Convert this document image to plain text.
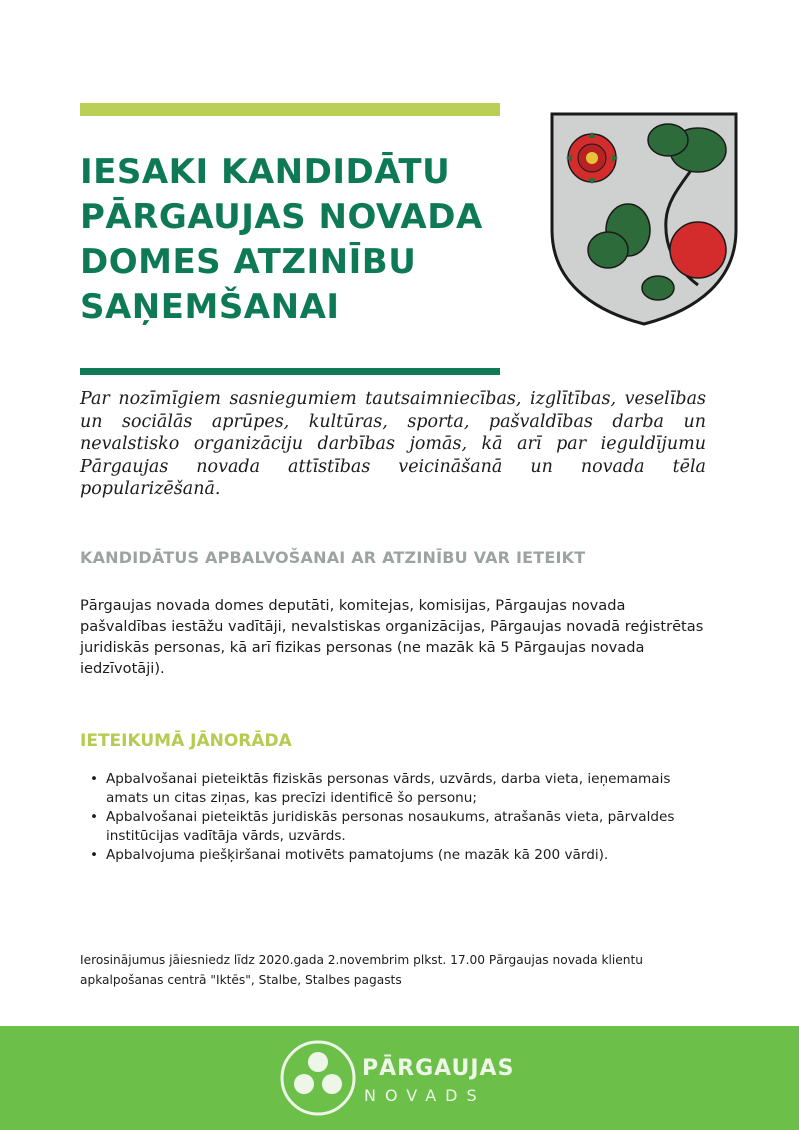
IESAKI KANDIDĀTU
PĀRGAUJAS NOVADA
DOMES ATZINĪBU
SAŅEMŠANAI

Par nozīmīgiem sasniegumiem tautsaimniecības, izglītības, veselības un sociālās aprūpes, kultūras, sporta, pašvaldības darba un nevalstisko organizāciju darbības jomās, kā arī par ieguldījumu Pārgaujas novada attīstības veicināšanā un novada tēla popularizēšanā.

KANDIDĀTUS APBALVOŠANAI AR ATZINĪBU VAR IETEIKT

Pārgaujas novada domes deputāti, komitejas, komisijas, Pārgaujas novada pašvaldības iestāžu vadītāji, nevalstiskas organizācijas, Pārgaujas novadā reģistrētas juridiskās personas, kā arī fizikas personas (ne mazāk kā 5 Pārgaujas novada iedzīvotāji).

IETEIKUMĀ JĀNORĀDA
• Apbalvošanai pieteiktās fiziskās personas vārds, uzvārds, darba vieta, ieņemamais amats un citas ziņas, kas precīzi identificē šo personu;
• Apbalvošanai pieteiktās juridiskās personas nosaukums, atrašanās vieta, pārvaldes institūcijas vadītāja vārds, uzvārds.
• Apbalvojuma piešķiršanai motivēts pamatojums (ne mazāk kā 200 vārdi).

Ierosinājumus jāiesniedz līdz 2020.gada 2.novembrim plkst. 17.00 Pārgaujas novada klientu apkalpošanas centrā "Iktēs", Stalbe, Stalbes pagasts

PĀRGAUJAS
NOVADS
